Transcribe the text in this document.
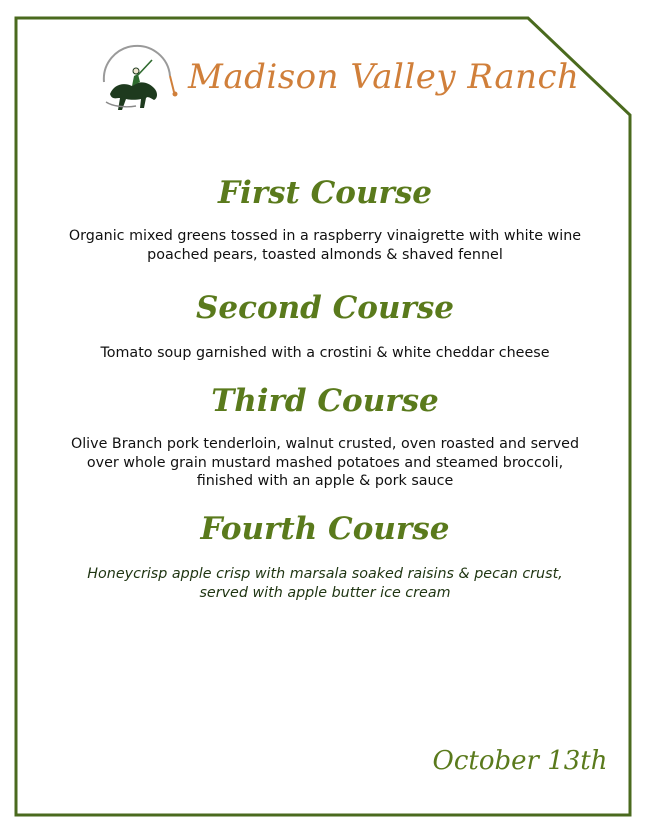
Madison Valley Ranch
First Course

Organic mixed greens tossed in a raspberry vinaigrette with white wine poached pears, toasted almonds & shaved fennel

Second Course

Tomato soup garnished with a crostini & white cheddar cheese

Third Course

Olive Branch pork tenderloin, walnut crusted, oven roasted and served over whole grain mustard mashed potatoes and steamed broccoli, finished with an apple & pork sauce

Fourth Course

Honeycrisp apple crisp with marsala soaked raisins & pecan crust, served with apple butter ice cream

October 13th
